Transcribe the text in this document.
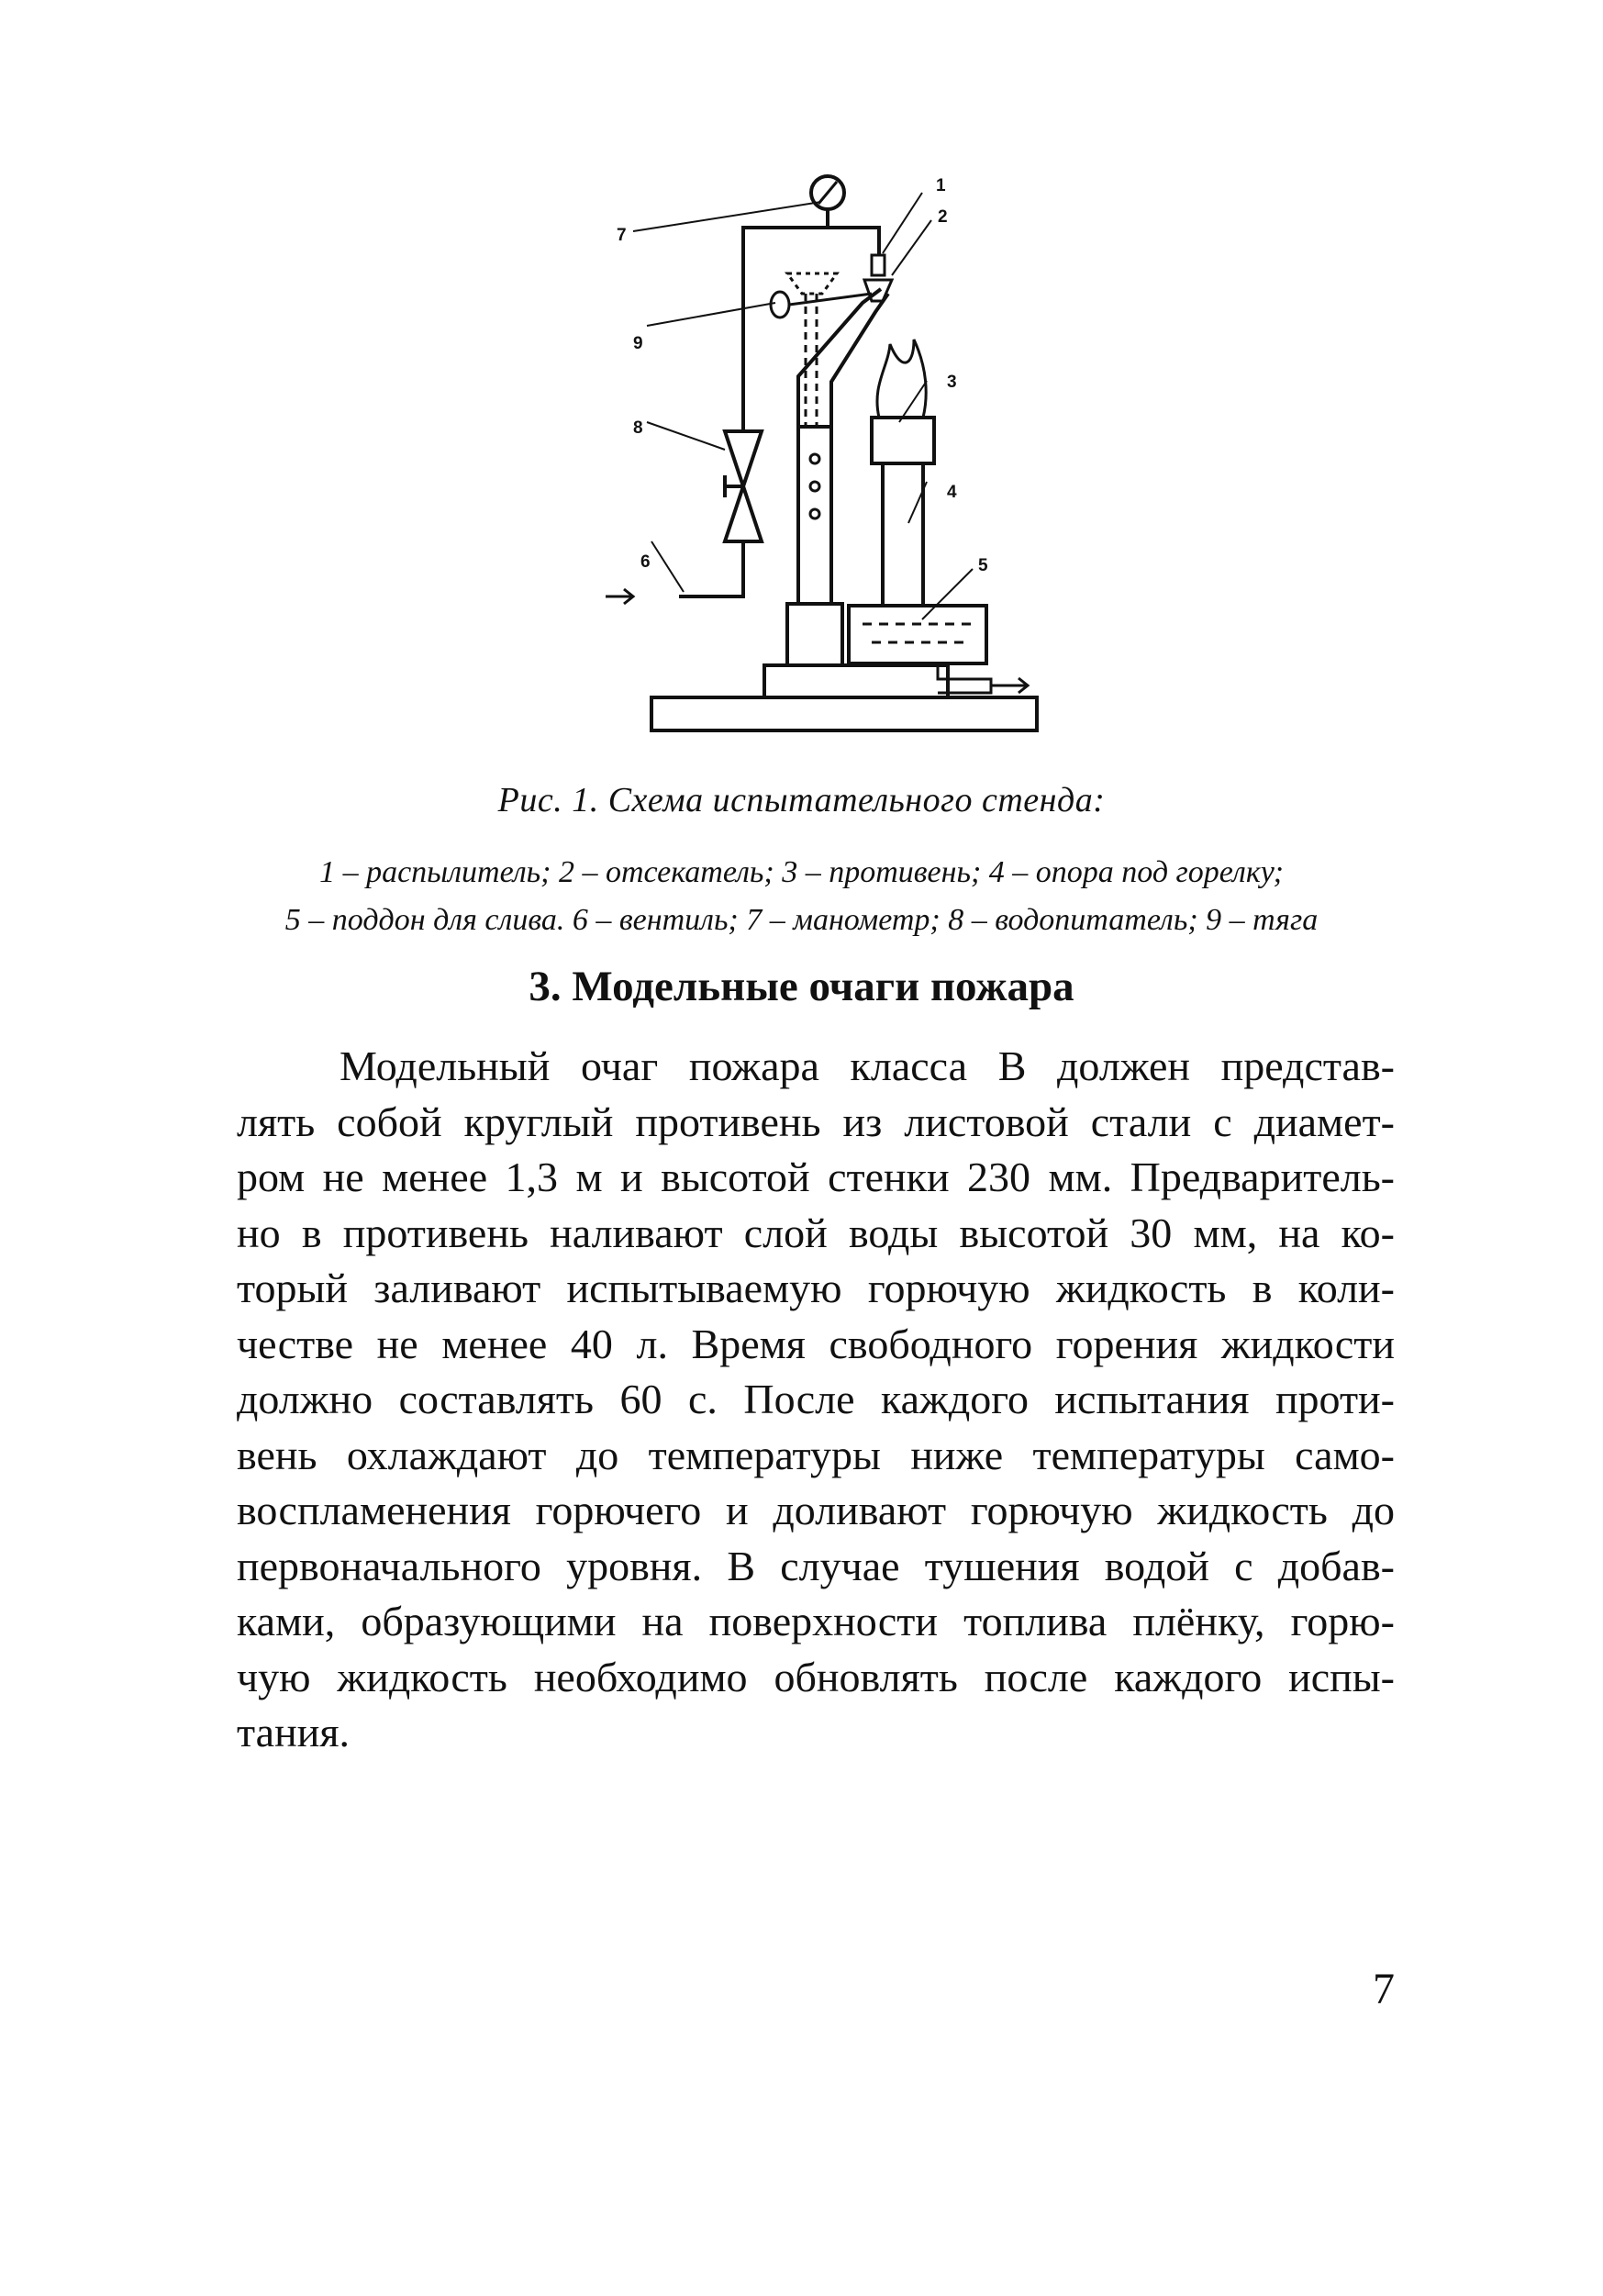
1
2
3
4
5
6
7
8
9
Рис. 1. Схема испытательного стенда:
1 – распылитель; 2 – отсекатель; 3 – противень; 4 – опора под горелку;
5 – поддон для слива. 6 – вентиль; 7 – манометр; 8 – водопитатель; 9 – тяга
3. Модельные очаги пожара
Модельный очаг пожара класса В должен представ-
лять собой круглый противень из листовой стали с диамет-
ром не менее 1,3 м и высотой стенки 230 мм. Предваритель-
но в противень наливают слой воды высотой 30 мм, на ко-
торый заливают испытываемую горючую жидкость в коли-
честве не менее 40 л. Время свободного горения жидкости
должно составлять 60 с. После каждого испытания проти-
вень охлаждают до температуры ниже температуры само-
воспламенения горючего и доливают горючую жидкость до
первоначального уровня. В случае тушения водой с добав-
ками, образующими на поверхности топлива плёнку, горю-
чую жидкость необходимо обновлять после каждого испы-
тания.
7
